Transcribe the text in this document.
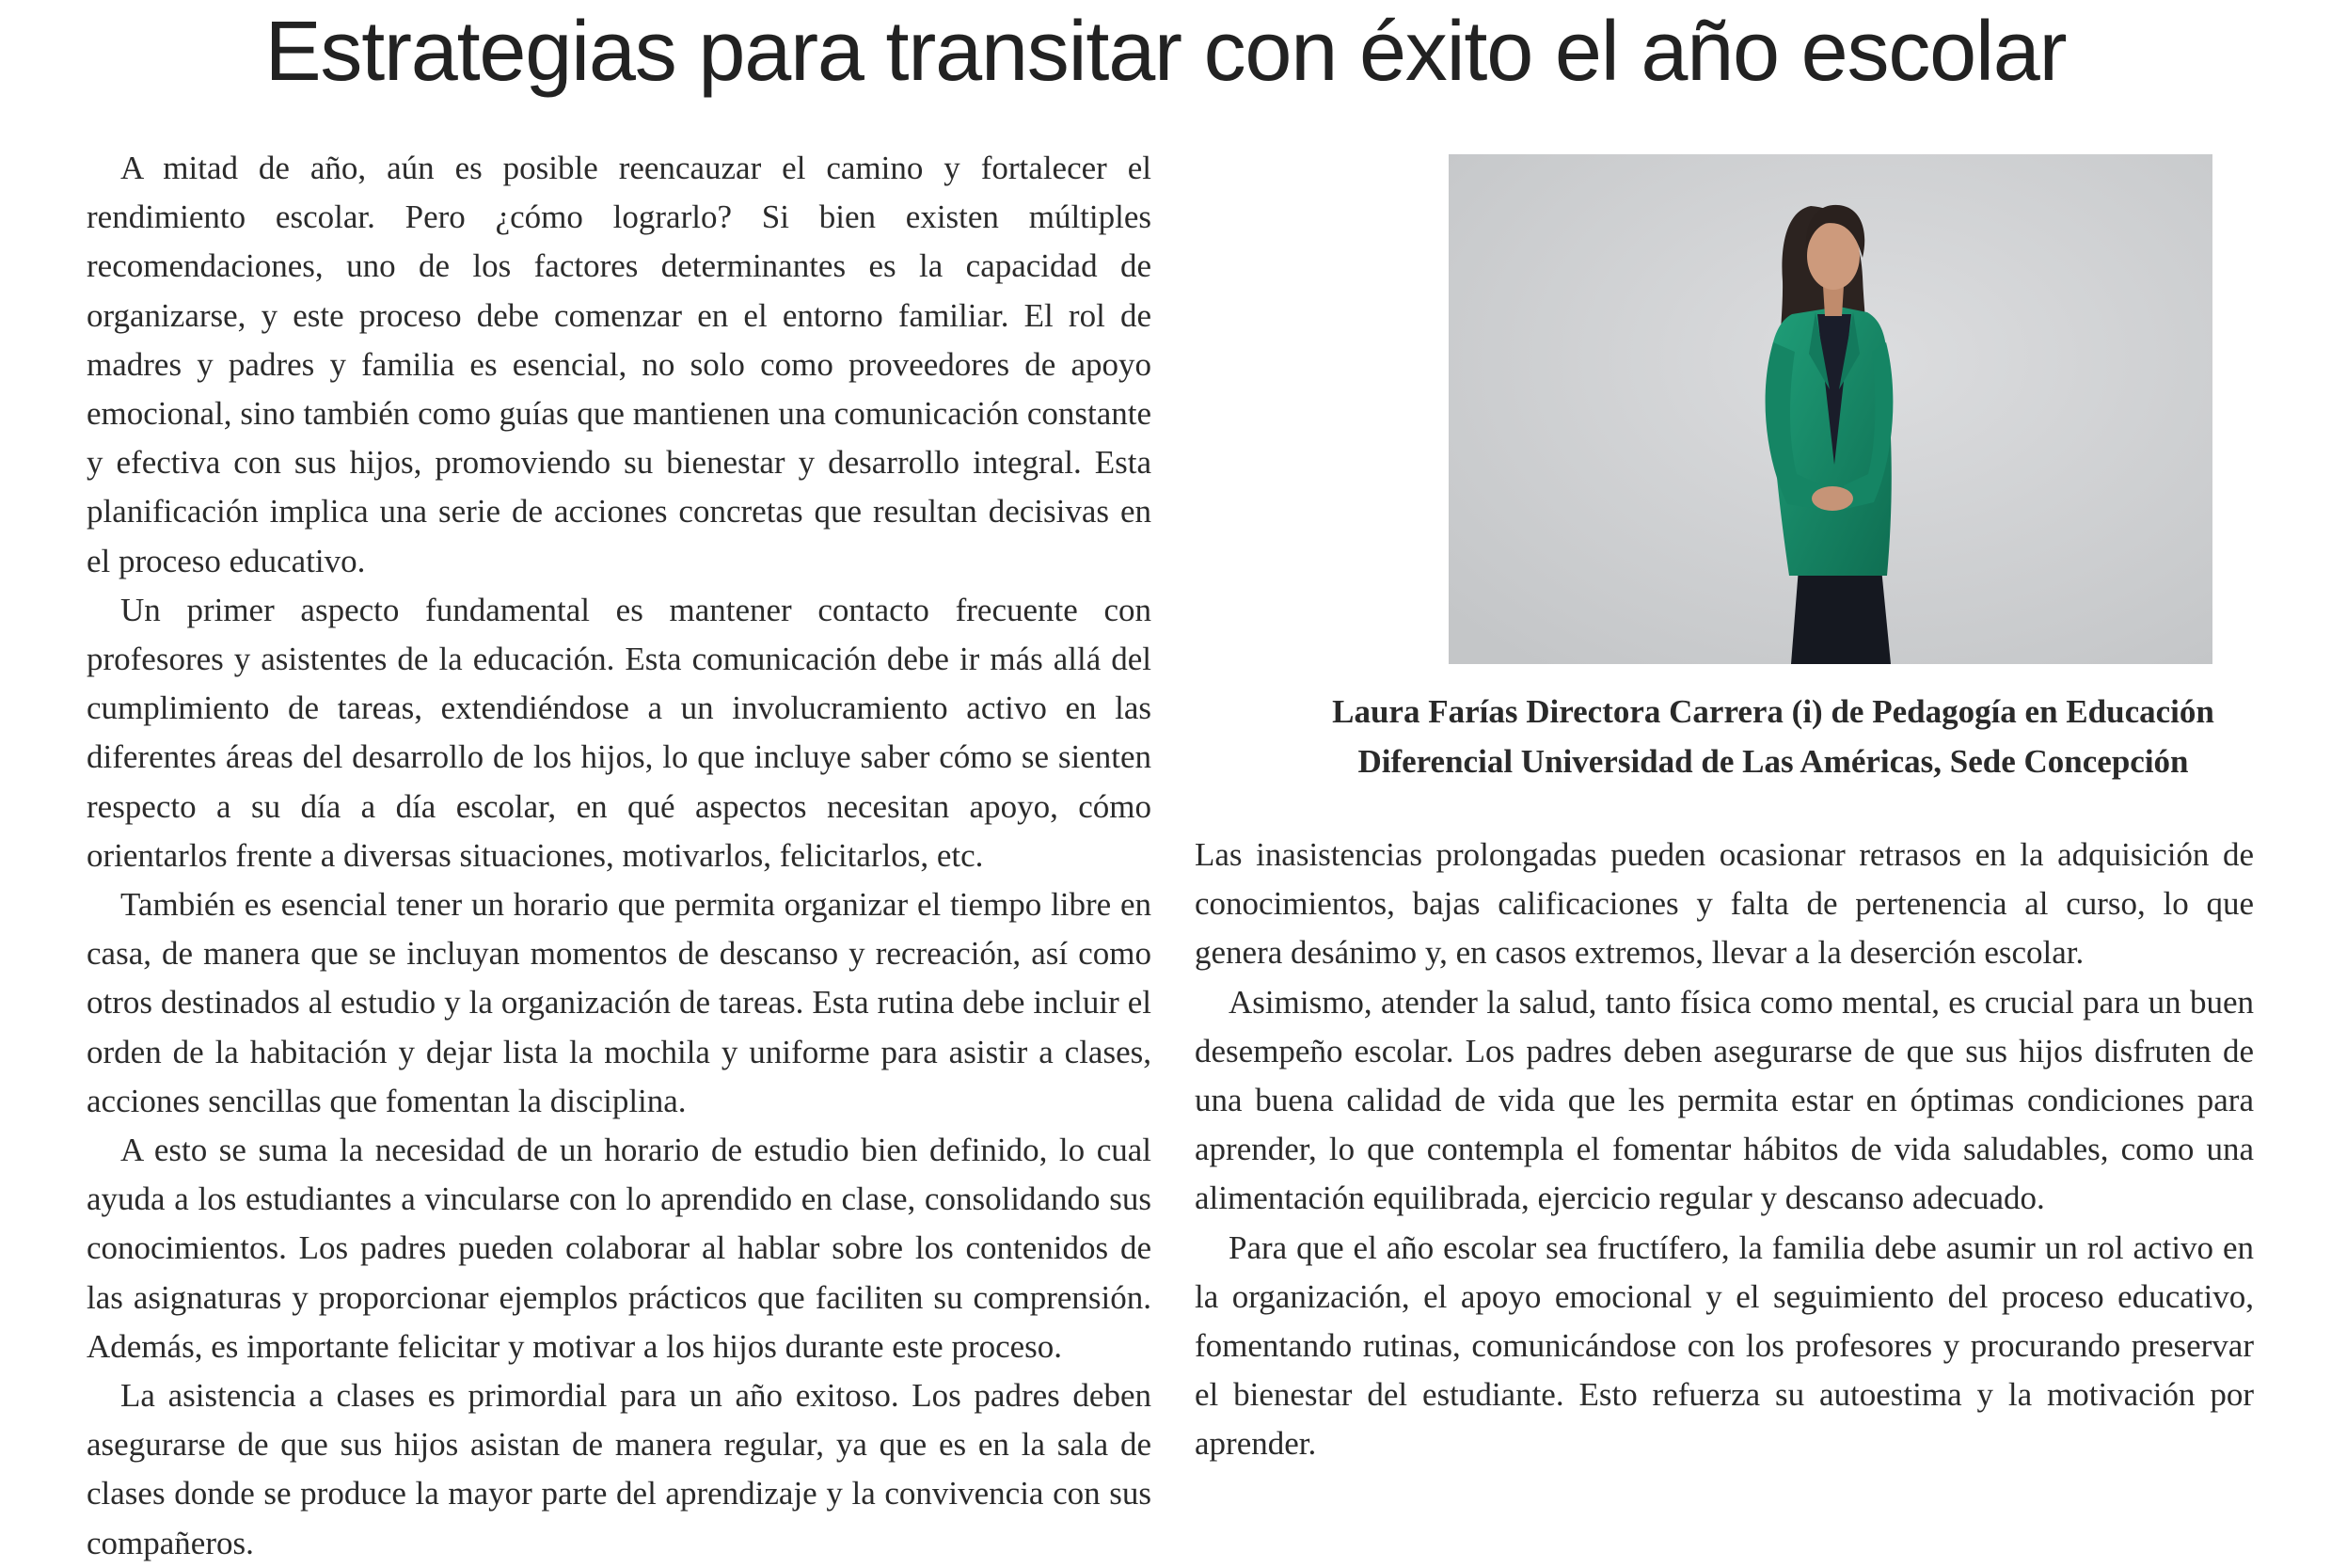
Estrategias para transitar con éxito el año escolar

A mitad de año, aún es posible reencauzar el camino y fortalecer el rendimiento escolar. Pero ¿cómo lograrlo? Si bien existen múltiples recomendaciones, uno de los factores determinantes es la capacidad de organizarse, y este proceso debe comenzar en el entorno familiar. El rol de madres y padres y familia es esencial, no solo como proveedores de apoyo emocional, sino también como guías que mantienen una comunicación constante y efectiva con sus hijos, promoviendo su bienestar y desarrollo integral. Esta planificación implica una serie de acciones concretas que resultan decisivas en el proceso educativo.

Un primer aspecto fundamental es mantener contacto frecuente con profesores y asistentes de la educación. Esta comunicación debe ir más allá del cumplimiento de tareas, extendiéndose a un involucramiento activo en las diferentes áreas del desarrollo de los hijos, lo que incluye saber cómo se sienten respecto a su día a día escolar, en qué aspectos necesitan apoyo, cómo orientarlos frente a diversas situaciones, motivarlos, felicitarlos, etc.

También es esencial tener un horario que permita organizar el tiempo libre en casa, de manera que se incluyan momentos de descanso y recreación, así como otros destinados al estudio y la organización de tareas. Esta rutina debe incluir el orden de la habitación y dejar lista la mochila y uniforme para asistir a clases, acciones sencillas que fomentan la disciplina.

A esto se suma la necesidad de un horario de estudio bien definido, lo cual ayuda a los estudiantes a vincularse con lo aprendido en clase, consolidando sus conocimientos. Los padres pueden colaborar al hablar sobre los contenidos de las asignaturas y proporcionar ejemplos prácticos que faciliten su comprensión. Además, es importante felicitar y motivar a los hijos durante este proceso.

La asistencia a clases es primordial para un año exitoso. Los padres deben asegurarse de que sus hijos asistan de manera regular, ya que es en la sala de clases donde se produce la mayor parte del aprendizaje y la convivencia con sus compañeros.

Laura Farías Directora Carrera (i) de Pedagogía en Educación
Diferencial Universidad de Las Américas, Sede Concepción

Las inasistencias prolongadas pueden ocasionar retrasos en la adquisición de conocimientos, bajas calificaciones y falta de pertenencia al curso, lo que genera desánimo y, en casos extremos, llevar a la deserción escolar.

Asimismo, atender la salud, tanto física como mental, es crucial para un buen desempeño escolar. Los padres deben asegurarse de que sus hijos disfruten de una buena calidad de vida que les permita estar en óptimas condiciones para aprender, lo que contempla el fomentar hábitos de vida saludables, como una alimentación equilibrada, ejercicio regular y descanso adecuado.

Para que el año escolar sea fructífero, la familia debe asumir un rol activo en la organización, el apoyo emocional y el seguimiento del proceso educativo, fomentando rutinas, comunicándose con los profesores y procurando preservar el bienestar del estudiante. Esto refuerza su autoestima y la motivación por aprender.
